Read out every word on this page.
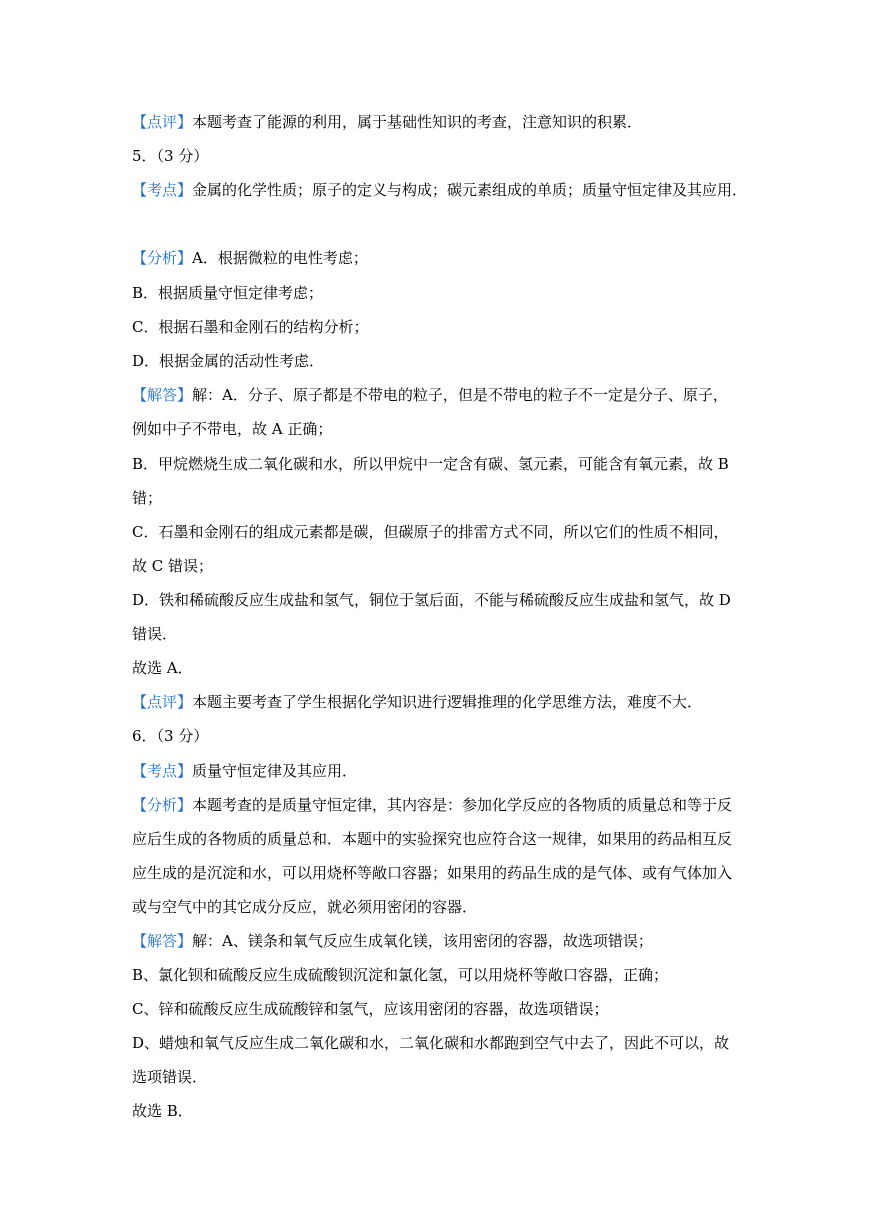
【点评】本题考查了能源的利用，属于基础性知识的考查，注意知识的积累．
5．（3 分）
【考点】金属的化学性质；原子的定义与构成；碳元素组成的单质；质量守恒定律及其应用．
【分析】A．根据微粒的电性考虑；
B．根据质量守恒定律考虑；
C．根据石墨和金刚石的结构分析；
D．根据金属的活动性考虑．
【解答】解：A．分子、原子都是不带电的粒子，但是不带电的粒子不一定是分子、原子，
例如中子不带电，故 A 正确；
B．甲烷燃烧生成二氧化碳和水，所以甲烷中一定含有碳、氢元素，可能含有氧元素，故 B
错；
C．石墨和金刚石的组成元素都是碳，但碳原子的排雷方式不同，所以它们的性质不相同，
故 C 错误；
D．铁和稀硫酸反应生成盐和氢气，铜位于氢后面，不能与稀硫酸反应生成盐和氢气，故 D
错误．
故选 A．
【点评】本题主要考查了学生根据化学知识进行逻辑推理的化学思维方法，难度不大．
6．（3 分）
【考点】质量守恒定律及其应用．
【分析】本题考查的是质量守恒定律，其内容是：参加化学反应的各物质的质量总和等于反
应后生成的各物质的质量总和．本题中的实验探究也应符合这一规律，如果用的药品相互反
应生成的是沉淀和水，可以用烧杯等敞口容器；如果用的药品生成的是气体、或有气体加入
或与空气中的其它成分反应，就必须用密闭的容器．
【解答】解：A、镁条和氧气反应生成氧化镁，该用密闭的容器，故选项错误；
B、氯化钡和硫酸反应生成硫酸钡沉淀和氯化氢，可以用烧杯等敞口容器，正确；
C、锌和硫酸反应生成硫酸锌和氢气，应该用密闭的容器，故选项错误；
D、蜡烛和氧气反应生成二氧化碳和水，二氧化碳和水都跑到空气中去了，因此不可以，故
选项错误．
故选 B．
